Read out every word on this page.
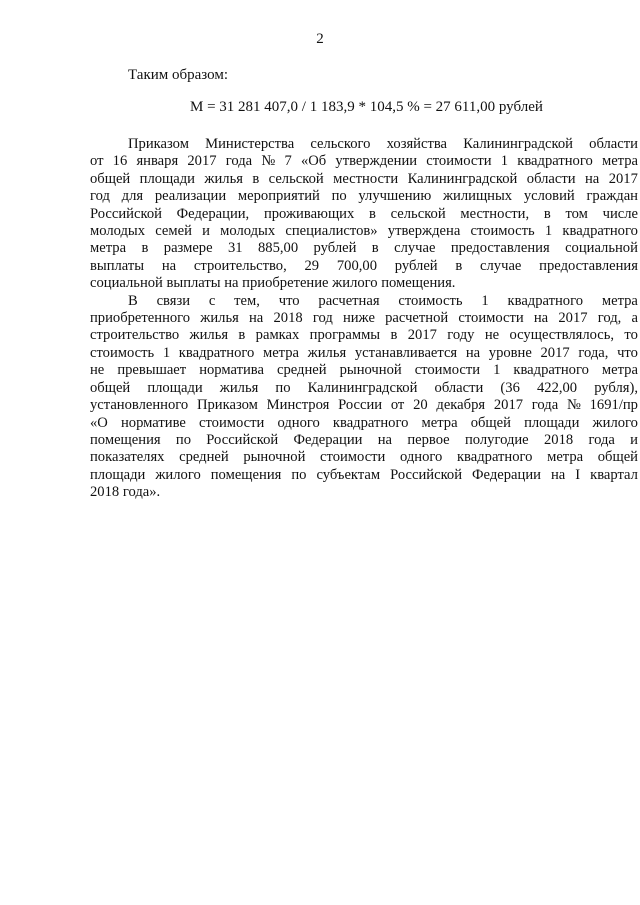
2
Таким образом:
М = 31 281 407,0 / 1 183,9 * 104,5 % = 27 611,00 рублей
Приказом Министерства сельского хозяйства Калининградской области
от 16 января 2017 года № 7 «Об утверждении стоимости 1 квадратного метра
общей площади жилья в сельской местности Калининградской области на 2017
год для реализации мероприятий по улучшению жилищных условий граждан
Российской Федерации, проживающих в сельской местности, в том числе
молодых семей и молодых специалистов» утверждена стоимость 1 квадратного
метра в размере 31 885,00 рублей в случае предоставления социальной
выплаты на строительство, 29 700,00 рублей в случае предоставления
социальной выплаты на приобретение жилого помещения.
В связи с тем, что расчетная стоимость 1 квадратного метра
приобретенного жилья на 2018 год ниже расчетной стоимости на 2017 год, а
строительство жилья в рамках программы в 2017 году не осуществлялось, то
стоимость 1 квадратного метра жилья устанавливается на уровне 2017 года, что
не превышает норматива средней рыночной стоимости 1 квадратного метра
общей площади жилья по Калининградской области (36 422,00 рубля),
установленного Приказом Минстроя России от 20 декабря 2017 года № 1691/пр
«О нормативе стоимости одного квадратного метра общей площади жилого
помещения по Российской Федерации на первое полугодие 2018 года и
показателях средней рыночной стоимости одного квадратного метра общей
площади жилого помещения по субъектам Российской Федерации на I квартал
2018 года».
